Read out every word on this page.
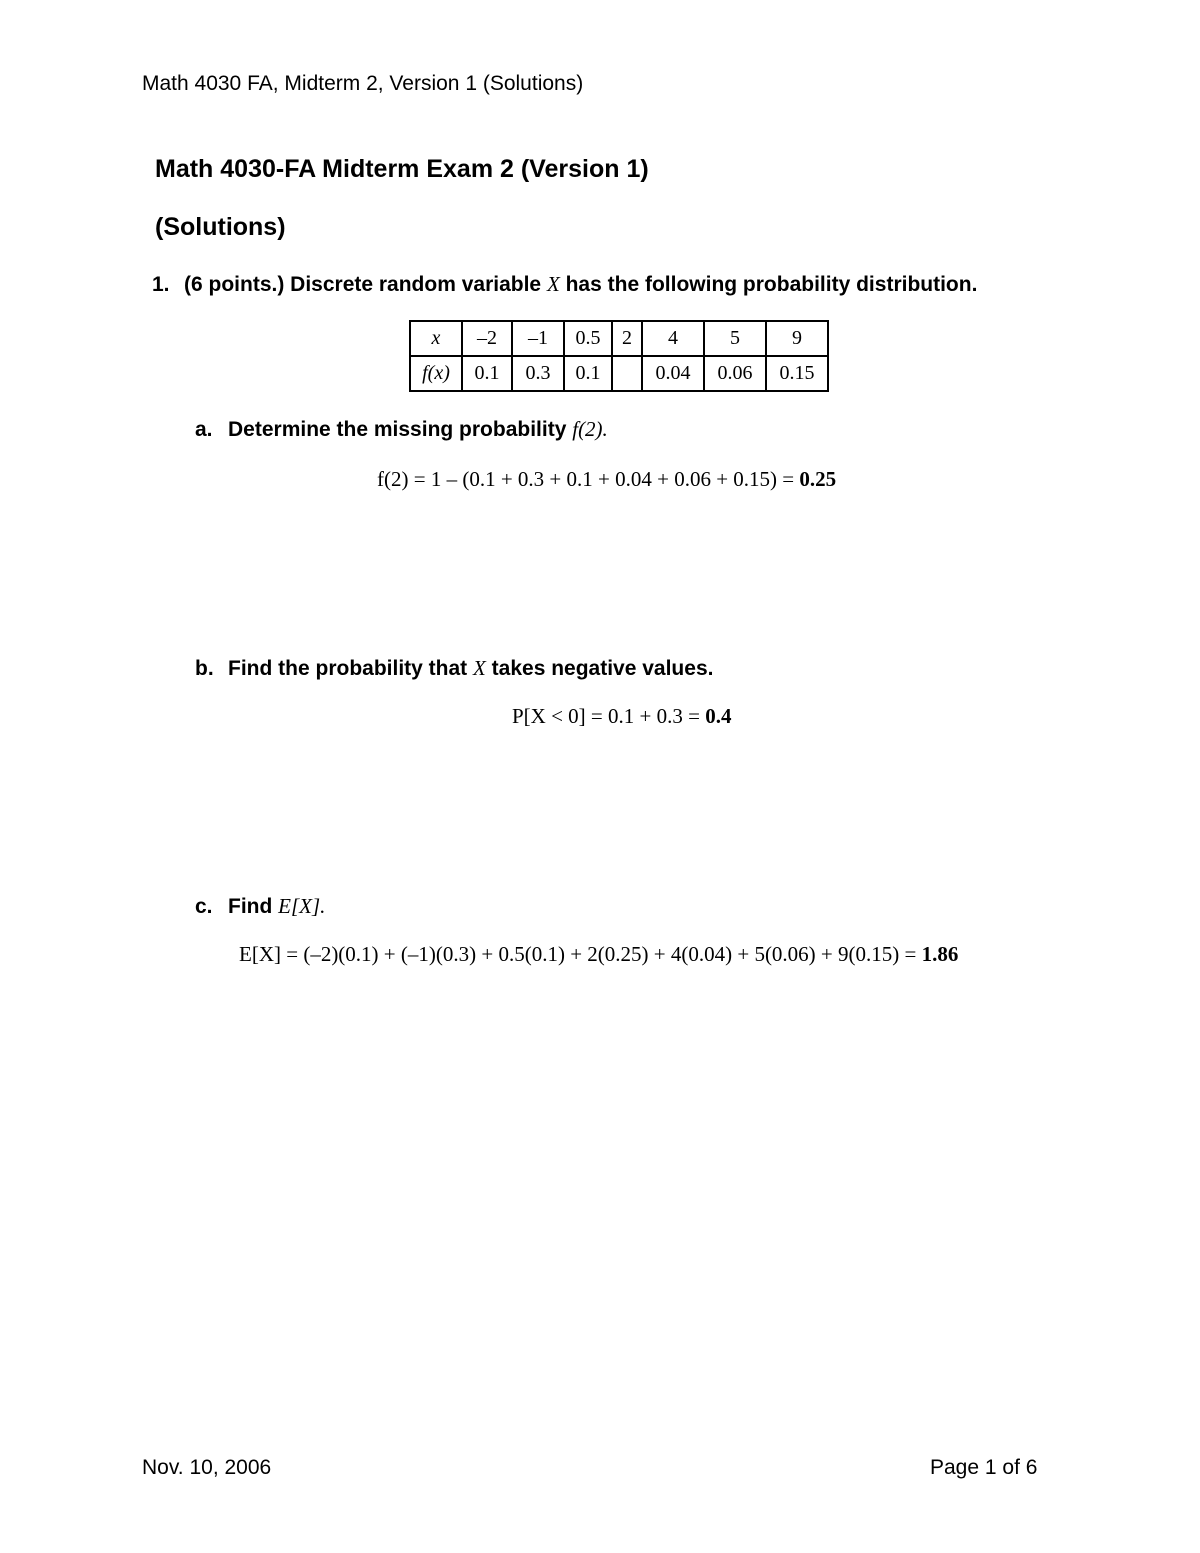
Math 4030 FA, Midterm 2, Version 1 (Solutions)
Math 4030-FA Midterm Exam 2 (Version 1)
(Solutions)
1. (6 points.) Discrete random variable X has the following probability distribution.
x	–2	–1	0.5	2	4	5	9
f(x)	0.1	0.3	0.1		0.04	0.06	0.15
a. Determine the missing probability f(2).
f(2) = 1 – (0.1 + 0.3 + 0.1 + 0.04 + 0.06 + 0.15) = 0.25
b. Find the probability that X takes negative values.
P[X < 0] = 0.1 + 0.3 = 0.4
c. Find E[X].
E[X] = (–2)(0.1) + (–1)(0.3) + 0.5(0.1) + 2(0.25) + 4(0.04) + 5(0.06) + 9(0.15) = 1.86
Nov. 10, 2006	Page 1 of 6
